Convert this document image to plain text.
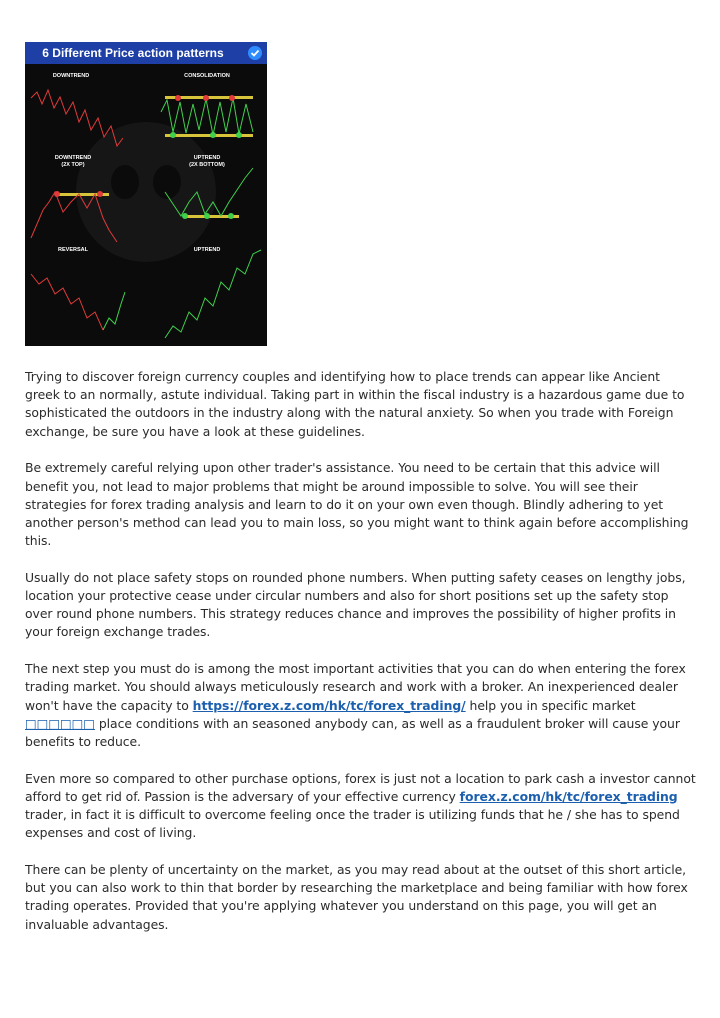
6 Different Price action patterns
DOWNTREND	CONSOLIDATION
DOWNTREND
(2X TOP)
UPTREND
(2X BOTTOM)
REVERSAL	UPTREND

Trying to discover foreign currency couples and identifying how to place trends can appear like Ancient greek to an normally, astute individual. Taking part in within the fiscal industry is a hazardous game due to sophisticated the outdoors in the industry along with the natural anxiety. So when you trade with Foreign exchange, be sure you have a look at these guidelines.

Be extremely careful relying upon other trader's assistance. You need to be certain that this advice will benefit you, not lead to major problems that might be around impossible to solve. You will see their strategies for forex trading analysis and learn to do it on your own even though. Blindly adhering to yet another person's method can lead you to main loss, so you might want to think again before accomplishing this.

Usually do not place safety stops on rounded phone numbers. When putting safety ceases on lengthy jobs, location your protective cease under circular numbers and also for short positions set up the safety stop over round phone numbers. This strategy reduces chance and improves the possibility of higher profits in your foreign exchange trades.

The next step you must do is among the most important activities that you can do when entering the forex trading market. You should always meticulously research and work with a broker. An inexperienced dealer won't have the capacity to https://forex.z.com/hk/tc/forex_trading/ help you in specific market □□□□□□ place conditions with an seasoned anybody can, as well as a fraudulent broker will cause your benefits to reduce.

Even more so compared to other purchase options, forex is just not a location to park cash a investor cannot afford to get rid of. Passion is the adversary of your effective currency forex.z.com/hk/tc/forex_trading trader, in fact it is difficult to overcome feeling once the trader is utilizing funds that he / she has to spend expenses and cost of living.

There can be plenty of uncertainty on the market, as you may read about at the outset of this short article, but you can also work to thin that border by researching the marketplace and being familiar with how forex trading operates. Provided that you're applying whatever you understand on this page, you will get an invaluable advantages.
